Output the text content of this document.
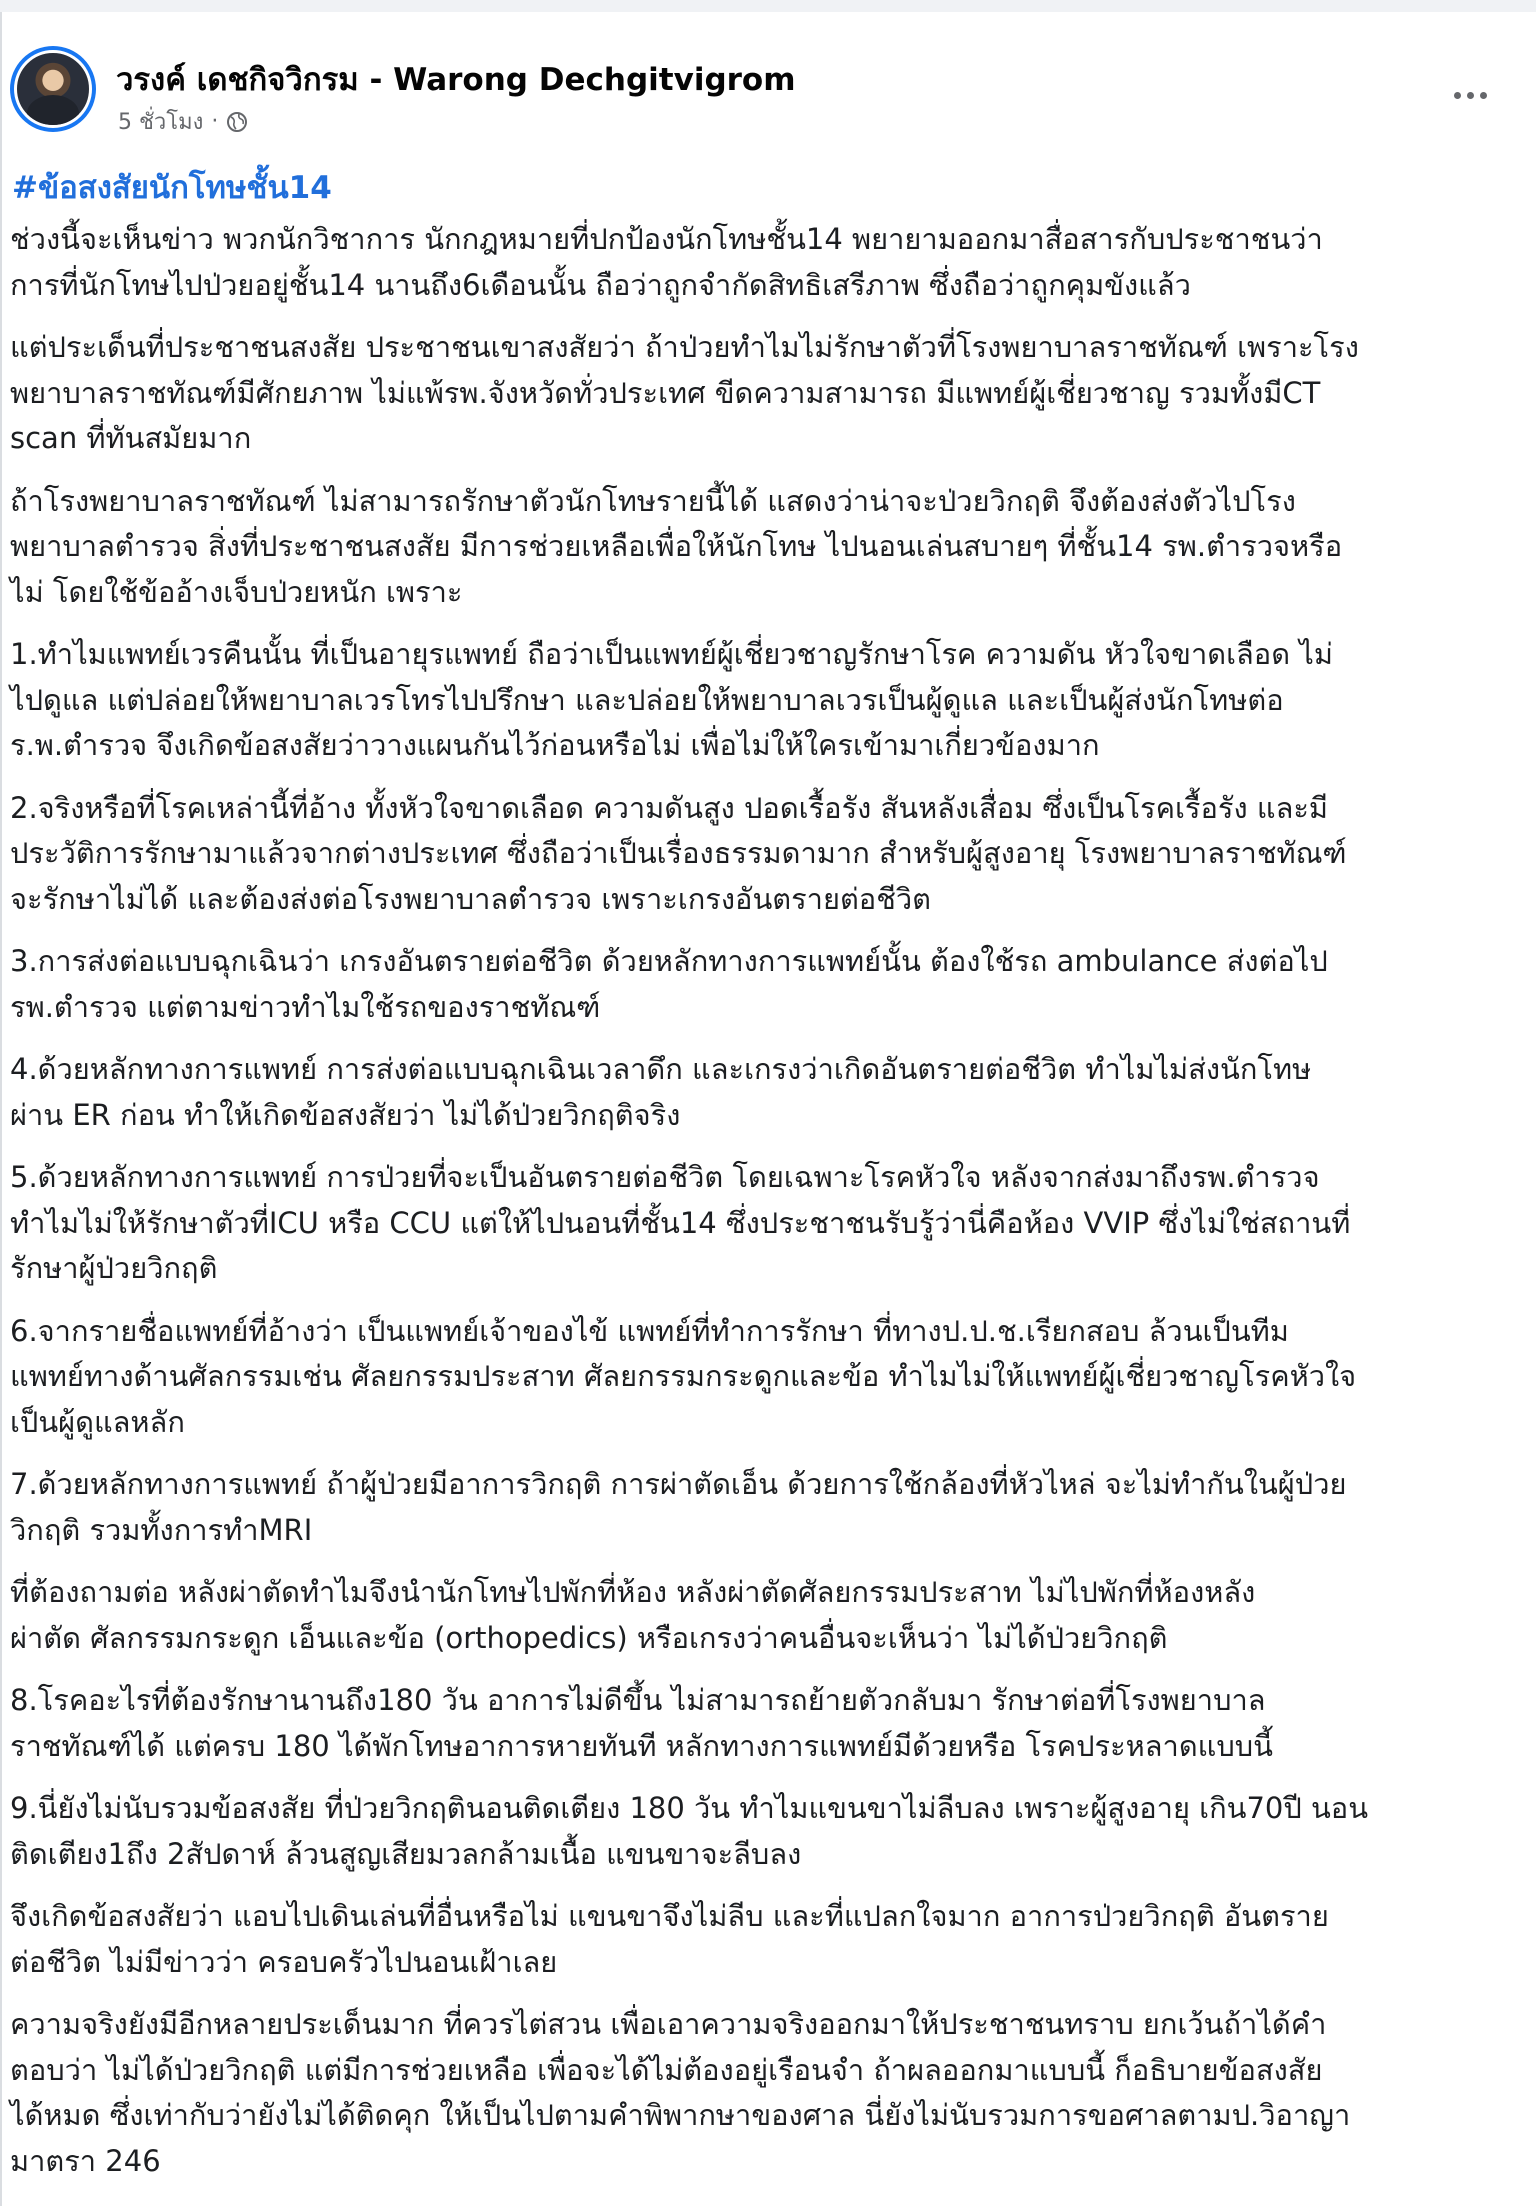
วรงค์ เดชกิจวิกรม - Warong Dechgitvigrom
5 ชั่วโมง ·
#ข้อสงสัยนักโทษชั้น14

ช่วงนี้จะเห็นข่าว พวกนักวิชาการ นักกฎหมายที่ปกป้องนักโทษชั้น14 พยายามออกมาสื่อสารกับประชาชนว่า
การที่นักโทษไปป่วยอยู่ชั้น14 นานถึง6เดือนนั้น ถือว่าถูกจำกัดสิทธิเสรีภาพ ซึ่งถือว่าถูกคุมขังแล้ว

แต่ประเด็นที่ประชาชนสงสัย ประชาชนเขาสงสัยว่า ถ้าป่วยทำไมไม่รักษาตัวที่โรงพยาบาลราชทัณฑ์ เพราะโรง
พยาบาลราชทัณฑ์มีศักยภาพ ไม่แพ้รพ.จังหวัดทั่วประเทศ ขีดความสามารถ มีแพทย์ผู้เชี่ยวชาญ รวมทั้งมีCT
scan ที่ทันสมัยมาก

ถ้าโรงพยาบาลราชทัณฑ์ ไม่สามารถรักษาตัวนักโทษรายนี้ได้ แสดงว่าน่าจะป่วยวิกฤติ จึงต้องส่งตัวไปโรง
พยาบาลตำรวจ สิ่งที่ประชาชนสงสัย มีการช่วยเหลือเพื่อให้นักโทษ ไปนอนเล่นสบายๆ ที่ชั้น14 รพ.ตำรวจหรือ
ไม่ โดยใช้ข้ออ้างเจ็บป่วยหนัก เพราะ

1.ทำไมแพทย์เวรคืนนั้น ที่เป็นอายุรแพทย์ ถือว่าเป็นแพทย์ผู้เชี่ยวชาญรักษาโรค ความดัน หัวใจขาดเลือด ไม่
ไปดูแล แต่ปล่อยให้พยาบาลเวรโทรไปปรึกษา และปล่อยให้พยาบาลเวรเป็นผู้ดูแล และเป็นผู้ส่งนักโทษต่อ
ร.พ.ตำรวจ จึงเกิดข้อสงสัยว่าวางแผนกันไว้ก่อนหรือไม่ เพื่อไม่ให้ใครเข้ามาเกี่ยวข้องมาก

2.จริงหรือที่โรคเหล่านี้ที่อ้าง ทั้งหัวใจขาดเลือด ความดันสูง ปอดเรื้อรัง สันหลังเสื่อม ซึ่งเป็นโรคเรื้อรัง และมี
ประวัติการรักษามาแล้วจากต่างประเทศ ซึ่งถือว่าเป็นเรื่องธรรมดามาก สำหรับผู้สูงอายุ โรงพยาบาลราชทัณฑ์
จะรักษาไม่ได้ และต้องส่งต่อโรงพยาบาลตำรวจ เพราะเกรงอันตรายต่อชีวิต

3.การส่งต่อแบบฉุกเฉินว่า เกรงอันตรายต่อชีวิต ด้วยหลักทางการแพทย์นั้น ต้องใช้รถ ambulance ส่งต่อไป
รพ.ตำรวจ แต่ตามข่าวทำไมใช้รถของราชทัณฑ์

4.ด้วยหลักทางการแพทย์ การส่งต่อแบบฉุกเฉินเวลาดึก และเกรงว่าเกิดอันตรายต่อชีวิต ทำไมไม่ส่งนักโทษ
ผ่าน ER ก่อน ทำให้เกิดข้อสงสัยว่า ไม่ได้ป่วยวิกฤติจริง

5.ด้วยหลักทางการแพทย์ การป่วยที่จะเป็นอันตรายต่อชีวิต โดยเฉพาะโรคหัวใจ หลังจากส่งมาถึงรพ.ตำรวจ
ทำไมไม่ให้รักษาตัวที่ICU หรือ CCU แต่ให้ไปนอนที่ชั้น14 ซึ่งประชาชนรับรู้ว่านี่คือห้อง VVIP ซึ่งไม่ใช่สถานที่
รักษาผู้ป่วยวิกฤติ

6.จากรายชื่อแพทย์ที่อ้างว่า เป็นแพทย์เจ้าของไข้ แพทย์ที่ทำการรักษา ที่ทางป.ป.ช.เรียกสอบ ล้วนเป็นทีม
แพทย์ทางด้านศัลกรรมเช่น ศัลยกรรมประสาท ศัลยกรรมกระดูกและข้อ ทำไมไม่ให้แพทย์ผู้เชี่ยวชาญโรคหัวใจ
เป็นผู้ดูแลหลัก

7.ด้วยหลักทางการแพทย์ ถ้าผู้ป่วยมีอาการวิกฤติ การผ่าตัดเอ็น ด้วยการใช้กล้องที่หัวไหล่ จะไม่ทำกันในผู้ป่วย
วิกฤติ รวมทั้งการทำMRI

ที่ต้องถามต่อ หลังผ่าตัดทำไมจึงนำนักโทษไปพักที่ห้อง หลังผ่าตัดศัลยกรรมประสาท ไม่ไปพักที่ห้องหลัง
ผ่าตัด ศัลกรรมกระดูก เอ็นและข้อ (orthopedics) หรือเกรงว่าคนอื่นจะเห็นว่า ไม่ได้ป่วยวิกฤติ

8.โรคอะไรที่ต้องรักษานานถึง180 วัน อาการไม่ดีขึ้น ไม่สามารถย้ายตัวกลับมา รักษาต่อที่โรงพยาบาล
ราชทัณฑ์ได้ แต่ครบ 180 ได้พักโทษอาการหายทันที หลักทางการแพทย์มีด้วยหรือ โรคประหลาดแบบนี้

9.นี่ยังไม่นับรวมข้อสงสัย ที่ป่วยวิกฤตินอนติดเตียง 180 วัน ทำไมแขนขาไม่ลีบลง เพราะผู้สูงอายุ เกิน70ปี นอน
ติดเตียง1ถึง 2สัปดาห์ ล้วนสูญเสียมวลกล้ามเนื้อ แขนขาจะลีบลง

จึงเกิดข้อสงสัยว่า แอบไปเดินเล่นที่อื่นหรือไม่ แขนขาจึงไม่ลีบ และที่แปลกใจมาก อาการป่วยวิกฤติ อันตราย
ต่อชีวิต ไม่มีข่าวว่า ครอบครัวไปนอนเฝ้าเลย

ความจริงยังมีอีกหลายประเด็นมาก ที่ควรไต่สวน เพื่อเอาความจริงออกมาให้ประชาชนทราบ ยกเว้นถ้าได้คำ
ตอบว่า ไม่ได้ป่วยวิกฤติ แต่มีการช่วยเหลือ เพื่อจะได้ไม่ต้องอยู่เรือนจำ ถ้าผลออกมาแบบนี้ ก็อธิบายข้อสงสัย
ได้หมด ซึ่งเท่ากับว่ายังไม่ได้ติดคุก ให้เป็นไปตามคำพิพากษาของศาล นี่ยังไม่นับรวมการขอศาลตามป.วิอาญา
มาตรา 246
